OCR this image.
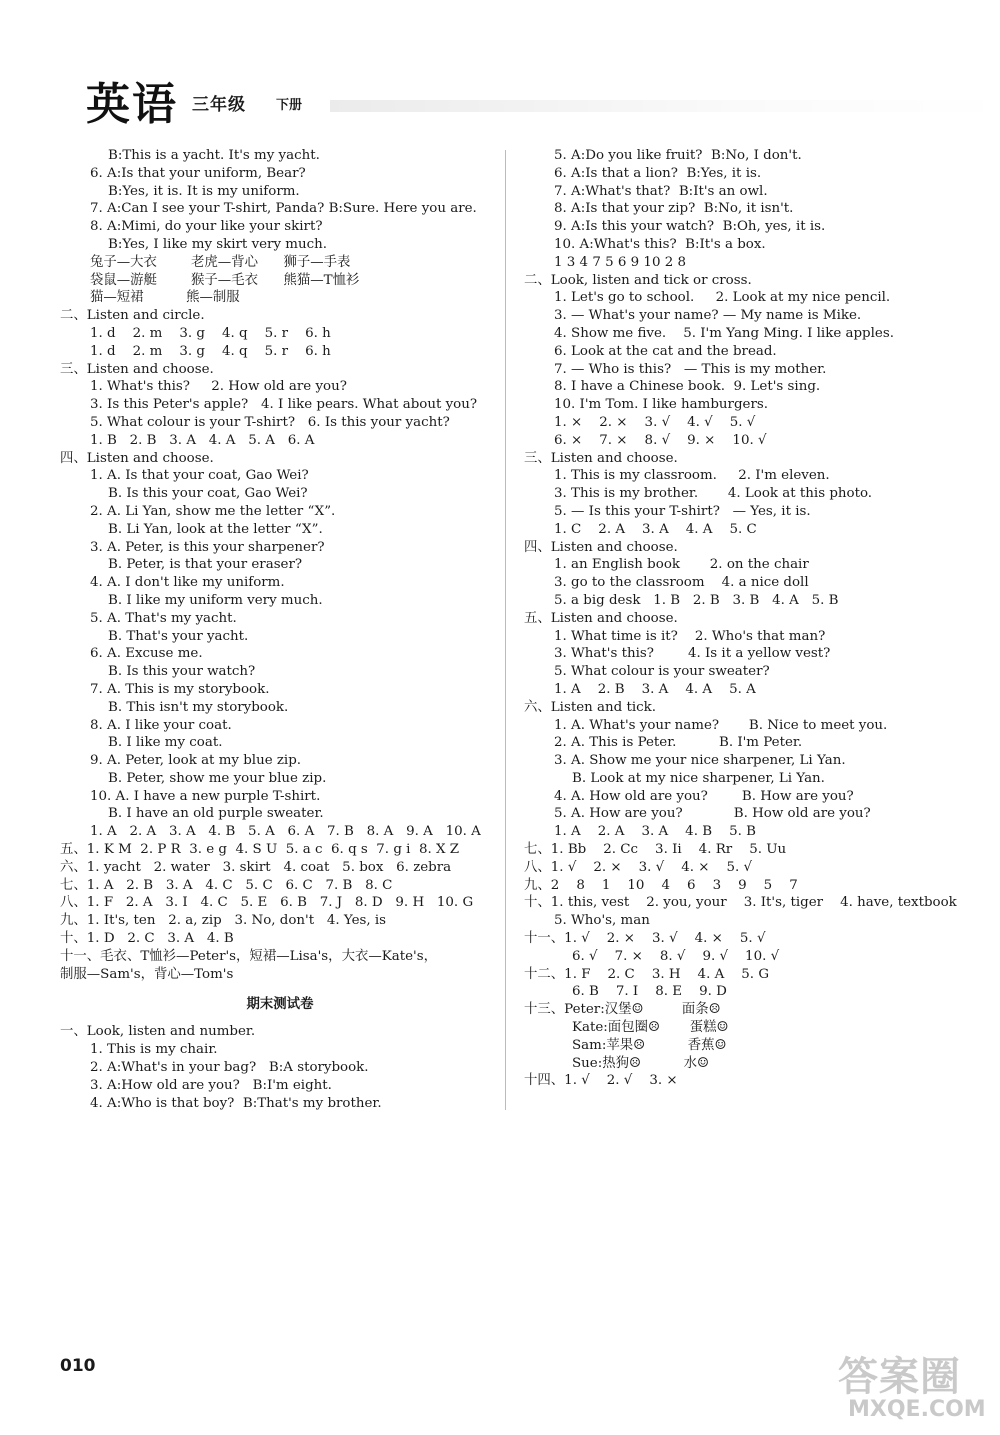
英语 三年级 下册
B:This is a yacht. It's my yacht.
6. A:Is that your uniform, Bear?
B:Yes, it is. It is my uniform.
7. A:Can I see your T-shirt, Panda? B:Sure. Here you are.
8. A:Mimi, do your like your skirt?
B:Yes, I like my skirt very much.
兔子—大衣        老虎—背心      狮子—手表
袋鼠—游艇        猴子—毛衣      熊猫—T恤衫
猫—短裙          熊—制服
二、Listen and circle.
1. d    2. m    3. g    4. q    5. r    6. h
1. d    2. m    3. g    4. q    5. r    6. h
三、Listen and choose.
1. What's this?     2. How old are you?
3. Is this Peter's apple?   4. I like pears. What about you?
5. What colour is your T-shirt?   6. Is this your yacht?
1. B   2. B   3. A   4. A   5. A   6. A
四、Listen and choose.
1. A. Is that your coat, Gao Wei?
B. Is this your coat, Gao Wei?
2. A. Li Yan, show me the letter “X”.
B. Li Yan, look at the letter “X”.
3. A. Peter, is this your sharpener?
B. Peter, is that your eraser?
4. A. I don't like my uniform.
B. I like my uniform very much.
5. A. That's my yacht.
B. That's your yacht.
6. A. Excuse me.
B. Is this your watch?
7. A. This is my storybook.
B. This isn't my storybook.
8. A. I like your coat.
B. I like my coat.
9. A. Peter, look at my blue zip.
B. Peter, show me your blue zip.
10. A. I have a new purple T-shirt.
B. I have an old purple sweater.
1. A   2. A   3. A   4. B   5. A   6. A   7. B   8. A   9. A   10. A
五、1. K M  2. P R  3. e g  4. S U  5. a c  6. q s  7. g i  8. X Z
六、1. yacht   2. water   3. skirt   4. coat   5. box   6. zebra
七、1. A   2. B   3. A   4. C   5. C   6. C   7. B   8. C
八、1. F   2. A   3. I   4. C   5. E   6. B   7. J   8. D   9. H   10. G
九、1. It's, ten   2. a, zip   3. No, don't   4. Yes, is
十、1. D   2. C   3. A   4. B
十一、毛衣、T恤衫—Peter's，短裙—Lisa's，大衣—Kate's，
制服—Sam's，背心—Tom's
期末测试卷
一、Look, listen and number.
1. This is my chair.
2. A:What's in your bag?   B:A storybook.
3. A:How old are you?   B:I'm eight.
4. A:Who is that boy?  B:That's my brother.
5. A:Do you like fruit?  B:No, I don't.
6. A:Is that a lion?  B:Yes, it is.
7. A:What's that?  B:It's an owl.
8. A:Is that your zip?  B:No, it isn't.
9. A:Is this your watch?  B:Oh, yes, it is.
10. A:What's this?  B:It's a box.
1 3 4 7 5 6 9 10 2 8
二、Look, listen and tick or cross.
1. Let's go to school.     2. Look at my nice pencil.
3. — What's your name? — My name is Mike.
4. Show me five.    5. I'm Yang Ming. I like apples.
6. Look at the cat and the bread.
7. — Who is this?   — This is my mother.
8. I have a Chinese book.  9. Let's sing.
10. I'm Tom. I like hamburgers.
1. ×    2. ×    3. √    4. √    5. √
6. ×    7. ×    8. √    9. ×    10. √
三、Listen and choose.
1. This is my classroom.     2. I'm eleven.
3. This is my brother.       4. Look at this photo.
5. — Is this your T-shirt?   — Yes, it is.
1. C    2. A    3. A    4. A    5. C
四、Listen and choose.
1. an English book       2. on the chair
3. go to the classroom    4. a nice doll
5. a big desk   1. B   2. B   3. B   4. A   5. B
五、Listen and choose.
1. What time is it?    2. Who's that man?
3. What's this?        4. Is it a yellow vest?
5. What colour is your sweater?
1. A    2. B    3. A    4. A    5. A
六、Listen and tick.
1. A. What's your name?       B. Nice to meet you.
2. A. This is Peter.          B. I'm Peter.
3. A. Show me your nice sharpener, Li Yan.
B. Look at my nice sharpener, Li Yan.
4. A. How old are you?        B. How are you?
5. A. How are you?            B. How old are you?
1. A    2. A    3. A    4. B    5. B
七、1. Bb    2. Cc    3. Ii    4. Rr    5. Uu
八、1. √    2. ×    3. √    4. ×    5. √
九、2    8    1    10    4    6    3    9    5    7
十、1. this, vest    2. you, your    3. It's, tiger    4. have, textbook
5. Who's, man
十一、1. √    2. ×    3. √    4. ×    5. √
6. √    7. ×    8. √    9. √    10. √
十二、1. F    2. C    3. H    4. A    5. G
6. B    7. I    8. E    9. D
十三、Peter:汉堡☺         面条☹
Kate:面包圈☹       蛋糕☺
Sam:苹果☹          香蕉☺
Sue:热狗☹          水☺
十四、1. √    2. √    3. ×
010	答案圈
MXQE.COM
